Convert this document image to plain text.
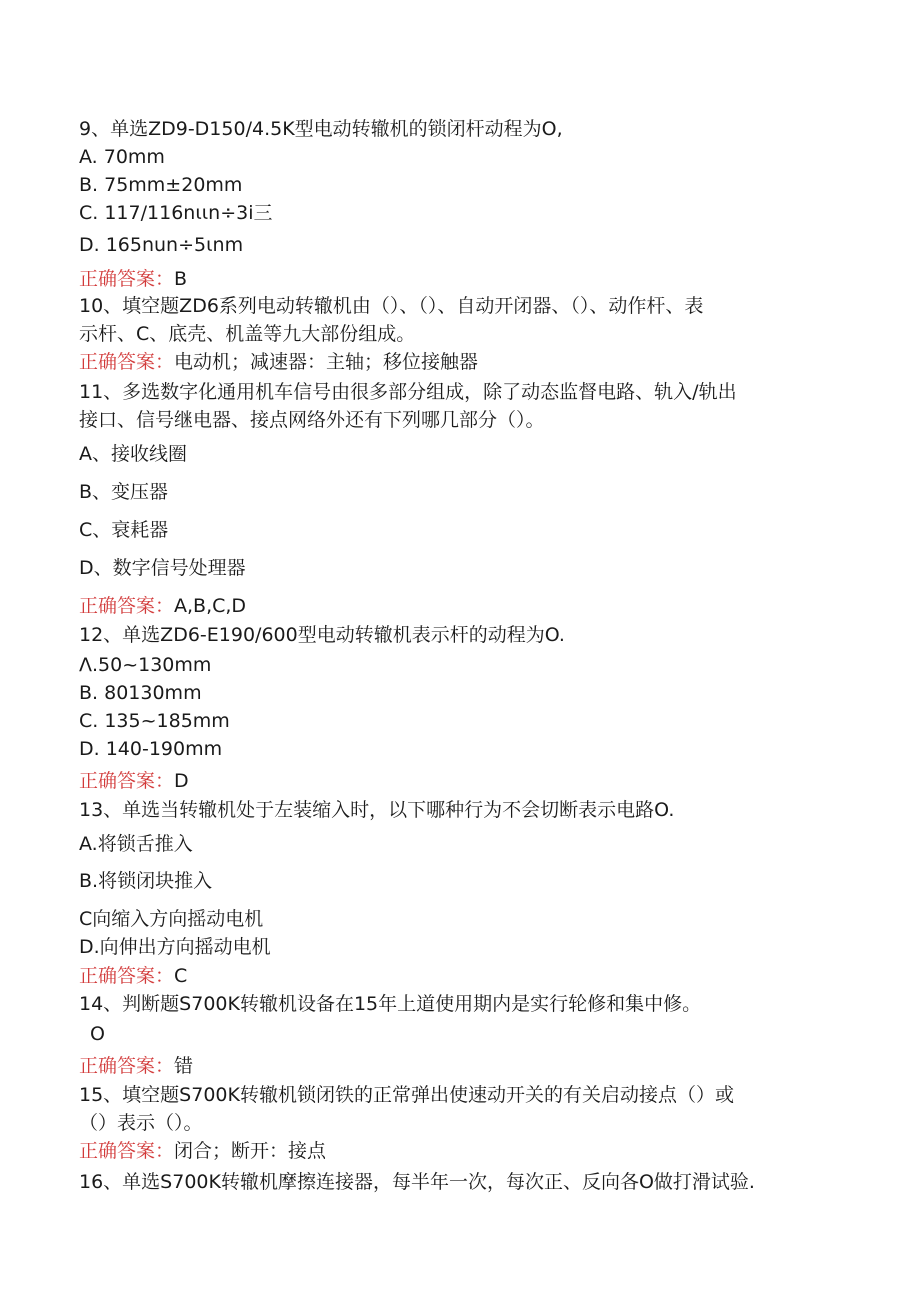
9、单选ZD9-D150/4.5K型电动转辙机的锁闭杆动程为O,
A. 70mm
B. 75mm±20mm
C. 117/116nιιn÷3i三
D. 165nun÷5ιnm
正确答案：B
10、填空题ZD6系列电动转辙机由（）、（）、自动开闭器、（）、动作杆、表
示杆、C、底壳、机盖等九大部份组成。
正确答案：电动机；减速器：主轴；移位接触器
11、多选数字化通用机车信号由很多部分组成，除了动态监督电路、轨入/轨出
接口、信号继电器、接点网络外还有下列哪几部分（）。
A、接收线圈
B、变压器
C、衰耗器
D、数字信号处理器
正确答案：A,B,C,D
12、单选ZD6-E190/600型电动转辙机表示杆的动程为O.
Λ.50~130mm
B. 80130mm
C. 135~185mm
D. 140-190mm
正确答案：D
13、单选当转辙机处于左装缩入时，以下哪种行为不会切断表示电路O.
A.将锁舌推入
B.将锁闭块推入
C向缩入方向摇动电机
D.向伸出方向摇动电机
正确答案：C
14、判断题S700K转辙机设备在15年上道使用期内是实行轮修和集中修。
O
正确答案：错
15、填空题S700K转辙机锁闭铁的正常弹出使速动开关的有关启动接点（）或
（）表示（）。
正确答案：闭合；断开：接点
16、单选S700K转辙机摩擦连接器，每半年一次，每次正、反向各O做打滑试验.
